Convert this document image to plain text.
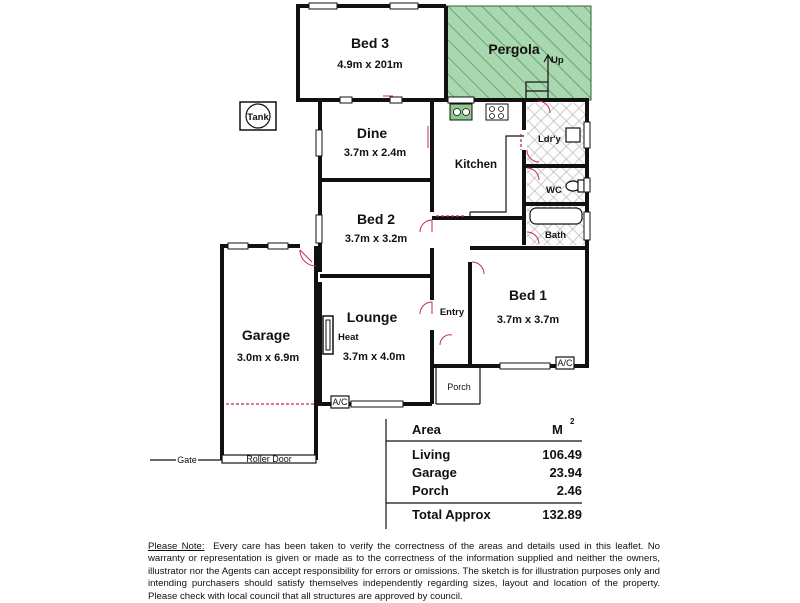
Bed 3
4.9m x 201m
Pergola
Up
Tank
Dine
3.7m x 2.4m
Kitchen
Ldr'y
WC
Bed 2
3.7m x 3.2m	Bath
Garage
3.0m x 6.9m
Lounge
Heat
3.7m x 4.0m
Entry
Bed 1
3.7m x 3.7m
Porch
A/C
A/C
Gate	Roller Door
Area	M
2
Living	106.49
Garage	23.94
Porch	2.46
Total Approx	132.89
Please Note: Every care has been taken to verify the correctness of the areas and details used in this leaflet. No warranty or representation is given or made as to the correctness of the information supplied and neither the owners, illustrator nor the Agents can accept responsibility for errors or omissions. The sketch is for illustration purposes only and intending purchasers should satisfy themselves independently regarding sizes, layout and location of the property. Please check with local council that all structures are approved by council.
